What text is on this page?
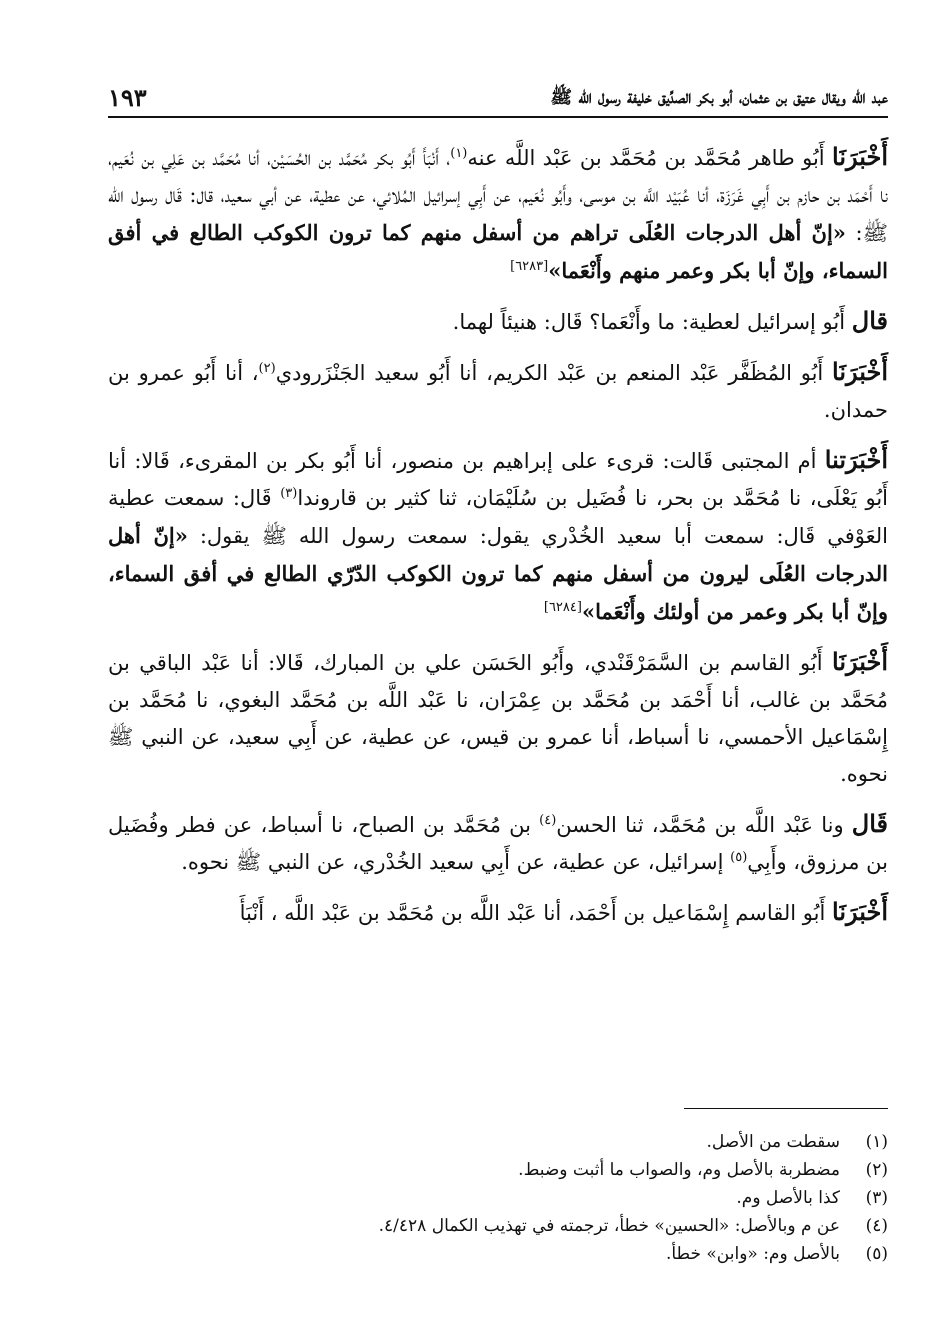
عبد الله ويقال عتيق بن عثمان، أبو بكر الصدِّيق خليفة رسول الله ﷺ
١٩٣

أَخْبَرَنَا أَبُو طاهر مُحَمَّد بن مُحَمَّد بن عَبْد اللَّه عنه$^{(١)}$، أَنْبَأَ أَبُو بكر مُحَمَّد بن الحُسَيْن، أنا مُحَمَّد بن عَلِي بن نُعَيم، نا أَحْمَد بن حازم بن أَبِي غَرَزَة، أنا عُبَيْد اللَّه بن موسى، وأَبُو نُعَيم، عن أَبِي إسرائيل المُلائي، عن عطية، عن أبي سعيد، قال: قَال رسول الله ﷺ: «إنّ أهل الدرجات العُلَى تراهم من أسفل منهم كما ترون الكوكب الطالع في أفق السماء، وإنّ أبا بكر وعمر منهم وأَنْعَما»[٦٢٨٣]

قال أَبُو إسرائيل لعطية: ما وأَنْعَما؟ قَال: هنيئاً لهما.

أَخْبَرَنَا أَبُو المُظَفَّر عَبْد المنعم بن عَبْد الكريم، أنا أَبُو سعيد الجَنْزَرودي$^{(٢)}$، أنا أَبُو عمرو بن حمدان.

أَخْبَرَتنا أم المجتبى قَالت: قرىء على إبراهيم بن منصور، أنا أَبُو بكر بن المقرىء، قَالا: أنا أَبُو يَعْلَى، نا مُحَمَّد بن بحر، نا فُضَيل بن سُلَيْمَان، ثنا كثير بن قاروندا$^{(٣)}$ قَال: سمعت عطية العَوْفي قَال: سمعت أبا سعيد الخُدْري يقول: سمعت رسول الله ﷺ يقول: «إنّ أهل الدرجات العُلَى ليرون من أسفل منهم كما ترون الكوكب الدّرّي الطالع في أفق السماء، وإنّ أبا بكر وعمر من أولئك وأَنْعَما»[٦٢٨٤]

أَخْبَرَنَا أَبُو القاسم بن السَّمَرْقَنْدي، وأَبُو الحَسَن علي بن المبارك، قَالا: أنا عَبْد الباقي بن مُحَمَّد بن غالب، أنا أَحْمَد بن مُحَمَّد بن عِمْرَان، نا عَبْد اللَّه بن مُحَمَّد البغوي، نا مُحَمَّد بن إِسْمَاعيل الأحمسي، نا أسباط، أنا عمرو بن قيس، عن عطية، عن أَبِي سعيد، عن النبي ﷺ نحوه.

قَال ونا عَبْد اللَّه بن مُحَمَّد، ثنا الحسن$^{(٤)}$ بن مُحَمَّد بن الصباح، نا أسباط، عن فطر وفُضَيل بن مرزوق، وأَبِي$^{(٥)}$ إسرائيل، عن عطية، عن أَبِي سعيد الخُدْري، عن النبي ﷺ نحوه.

أَخْبَرَنَا أَبُو القاسم إِسْمَاعيل بن أَحْمَد، أنا عَبْد اللَّه بن مُحَمَّد بن عَبْد اللَّه ، أَنْبَأَ

(١)
سقطت من الأصل.
(٢)
مضطربة بالأصل وم، والصواب ما أثبت وضبط.
(٣)
كذا بالأصل وم.
(٤)
عن م وبالأصل: «الحسين» خطأ، ترجمته في تهذيب الكمال ٤/٤٢٨.
(٥)
بالأصل وم: «وابن» خطأ.
